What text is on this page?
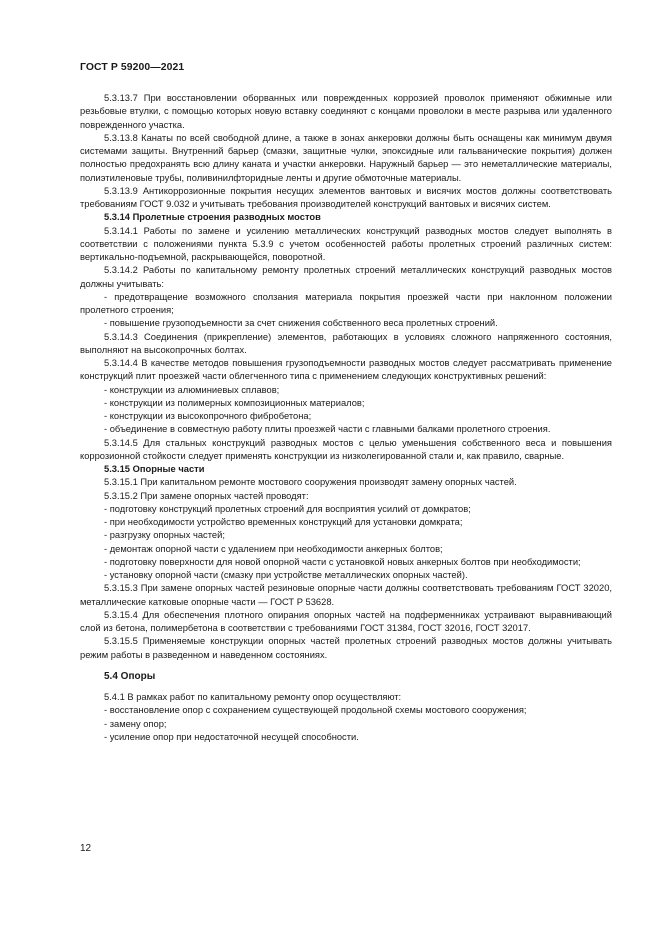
ГОСТ Р 59200—2021

5.3.13.7 При восстановлении оборванных или поврежденных коррозией проволок применяют обжимные или резьбовые втулки, с помощью которых новую вставку соединяют с концами проволоки в месте разрыва или удаленного поврежденного участка.

5.3.13.8 Канаты по всей свободной длине, а также в зонах анкеровки должны быть оснащены как минимум двумя системами защиты. Внутренний барьер (смазки, защитные чулки, эпоксидные или гальванические покрытия) должен полностью предохранять всю длину каната и участки анкеровки. Наружный барьер — это неметаллические материалы, полиэтиленовые трубы, поливинилфторидные ленты и другие обмоточные материалы.

5.3.13.9 Антикоррозионные покрытия несущих элементов вантовых и висячих мостов должны соответствовать требованиям ГОСТ 9.032 и учитывать требования производителей конструкций вантовых и висячих систем.

5.3.14 Пролетные строения разводных мостов

5.3.14.1 Работы по замене и усилению металлических конструкций разводных мостов следует выполнять в соответствии с положениями пункта 5.3.9 с учетом особенностей работы пролетных строений различных систем: вертикально-подъемной, раскрывающейся, поворотной.

5.3.14.2 Работы по капитальному ремонту пролетных строений металлических конструкций разводных мостов должны учитывать:

- предотвращение возможного сползания материала покрытия проезжей части при наклонном положении пролетного строения;

- повышение грузоподъемности за счет снижения собственного веса пролетных строений.

5.3.14.3 Соединения (прикрепление) элементов, работающих в условиях сложного напряженного состояния, выполняют на высокопрочных болтах.

5.3.14.4 В качестве методов повышения грузоподъемности разводных мостов следует рассматривать применение конструкций плит проезжей части облегченного типа с применением следующих конструктивных решений:

- конструкции из алюминиевых сплавов;

- конструкции из полимерных композиционных материалов;

- конструкции из высокопрочного фибробетона;

- объединение в совместную работу плиты проезжей части с главными балками пролетного строения.

5.3.14.5 Для стальных конструкций разводных мостов с целью уменьшения собственного веса и повышения коррозионной стойкости следует применять конструкции из низколегированной стали и, как правило, сварные.

5.3.15 Опорные части

5.3.15.1 При капитальном ремонте мостового сооружения производят замену опорных частей.

5.3.15.2 При замене опорных частей проводят:

- подготовку конструкций пролетных строений для восприятия усилий от домкратов;

- при необходимости устройство временных конструкций для установки домкрата;

- разгрузку опорных частей;

- демонтаж опорной части с удалением при необходимости анкерных болтов;

- подготовку поверхности для новой опорной части с установкой новых анкерных болтов при необходимости;

- установку опорной части (смазку при устройстве металлических опорных частей).

5.3.15.3 При замене опорных частей резиновые опорные части должны соответствовать требованиям ГОСТ 32020, металлические катковые опорные части — ГОСТ Р 53628.

5.3.15.4 Для обеспечения плотного опирания опорных частей на подферменниках устраивают выравнивающий слой из бетона, полимербетона в соответствии с требованиями ГОСТ 31384, ГОСТ 32016, ГОСТ 32017.

5.3.15.5 Применяемые конструкции опорных частей пролетных строений разводных мостов должны учитывать режим работы в разведенном и наведенном состояниях.

5.4 Опоры

5.4.1 В рамках работ по капитальному ремонту опор осуществляют:

- восстановление опор с сохранением существующей продольной схемы мостового сооружения;

- замену опор;

- усиление опор при недостаточной несущей способности.

12
